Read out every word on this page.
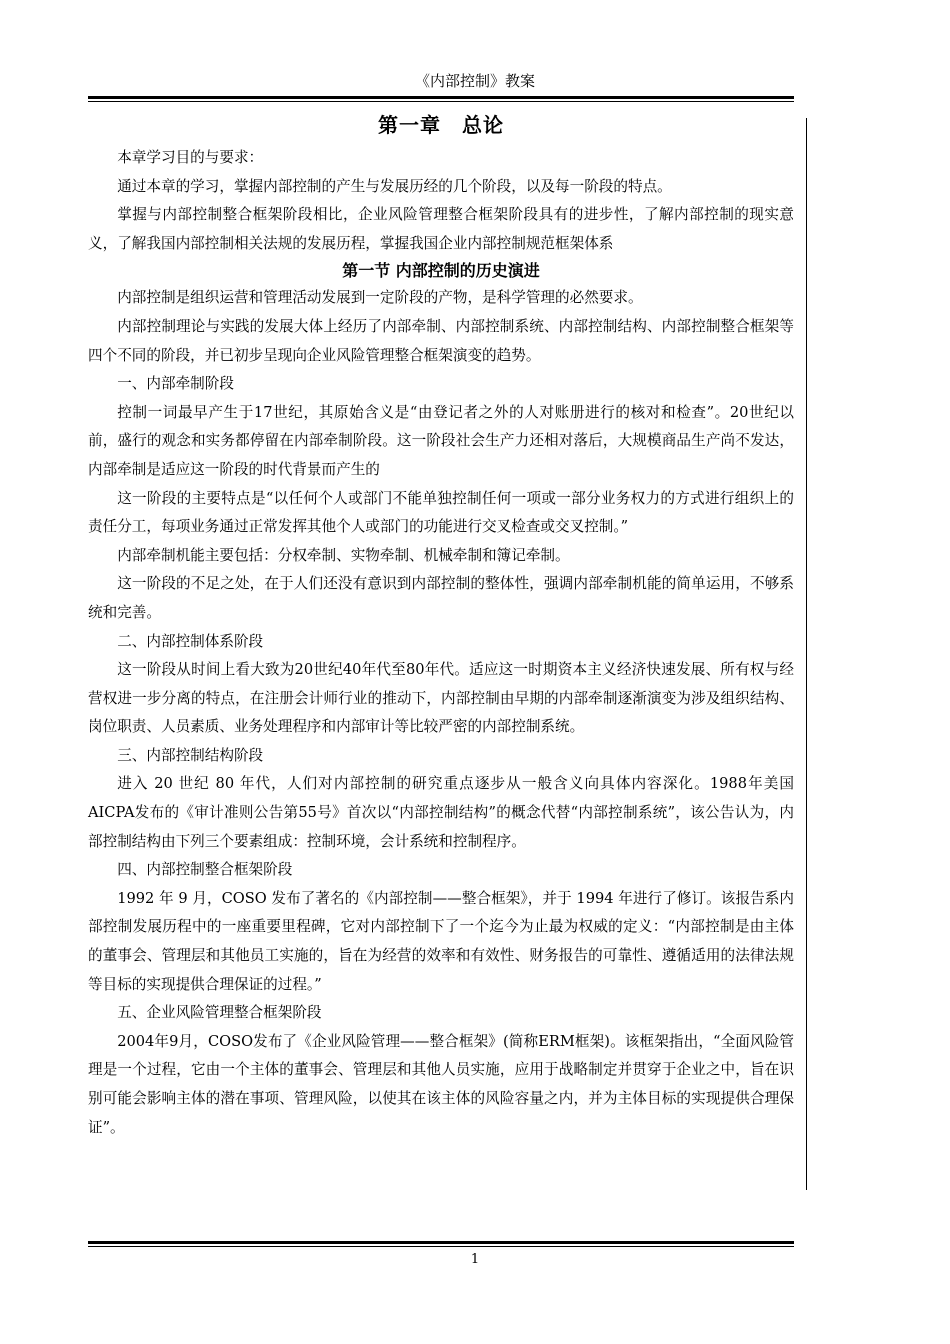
《内部控制》教案
第一章　总论

本章学习目的与要求：

通过本章的学习，掌握内部控制的产生与发展历经的几个阶段，以及每一阶段的特点。

掌握与内部控制整合框架阶段相比，企业风险管理整合框架阶段具有的进步性，了解内部控制的现实意义，了解我国内部控制相关法规的发展历程，掌握我国企业内部控制规范框架体系

第一节 内部控制的历史演进

内部控制是组织运营和管理活动发展到一定阶段的产物，是科学管理的必然要求。

内部控制理论与实践的发展大体上经历了内部牵制、内部控制系统、内部控制结构、内部控制整合框架等四个不同的阶段，并已初步呈现向企业风险管理整合框架演变的趋势。

一、内部牵制阶段

控制一词最早产生于17世纪，其原始含义是“由登记者之外的人对账册进行的核对和检查”。20世纪以前，盛行的观念和实务都停留在内部牵制阶段。这一阶段社会生产力还相对落后，大规模商品生产尚不发达，内部牵制是适应这一阶段的时代背景而产生的

这一阶段的主要特点是“以任何个人或部门不能单独控制任何一项或一部分业务权力的方式进行组织上的责任分工，每项业务通过正常发挥其他个人或部门的功能进行交叉检查或交叉控制。”

内部牵制机能主要包括：分权牵制、实物牵制、机械牵制和簿记牵制。

这一阶段的不足之处，在于人们还没有意识到内部控制的整体性，强调内部牵制机能的简单运用，不够系统和完善。

二、内部控制体系阶段

这一阶段从时间上看大致为20世纪40年代至80年代。适应这一时期资本主义经济快速发展、所有权与经营权进一步分离的特点，在注册会计师行业的推动下，内部控制由早期的内部牵制逐渐演变为涉及组织结构、岗位职责、人员素质、业务处理程序和内部审计等比较严密的内部控制系统。

三、内部控制结构阶段

进入 20 世纪 80 年代，人们对内部控制的研究重点逐步从一般含义向具体内容深化。1988年美国AICPA发布的《审计准则公告第55号》首次以“内部控制结构”的概念代替“内部控制系统”，该公告认为，内部控制结构由下列三个要素组成：控制环境，会计系统和控制程序。

四、内部控制整合框架阶段

1992 年 9 月，COSO 发布了著名的《内部控制——整合框架》，并于 1994 年进行了修订。该报告系内部控制发展历程中的一座重要里程碑，它对内部控制下了一个迄今为止最为权威的定义：“内部控制是由主体的董事会、管理层和其他员工实施的，旨在为经营的效率和有效性、财务报告的可靠性、遵循适用的法律法规等目标的实现提供合理保证的过程。”

五、企业风险管理整合框架阶段

2004年9月，COSO发布了《企业风险管理——整合框架》(简称ERM框架)。该框架指出，“全面风险管理是一个过程，它由一个主体的董事会、管理层和其他人员实施，应用于战略制定并贯穿于企业之中，旨在识别可能会影响主体的潜在事项、管理风险，以使其在该主体的风险容量之内，并为主体目标的实现提供合理保证”。

1
